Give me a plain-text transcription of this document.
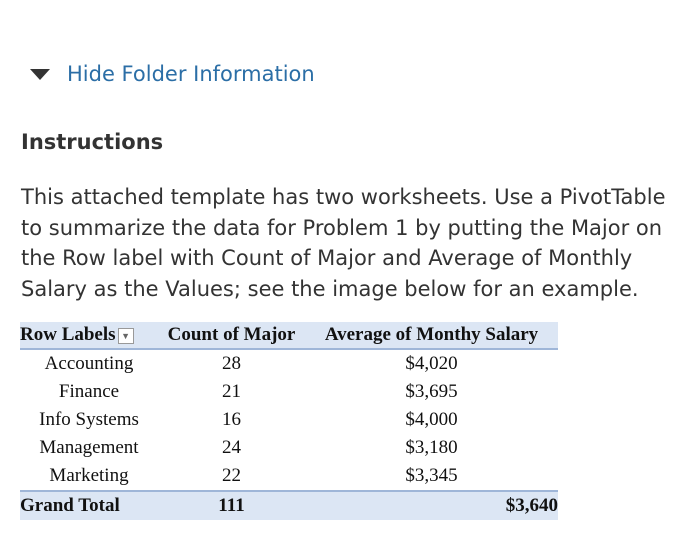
Hide Folder Information
Instructions
This attached template has two worksheets. Use a PivotTable to summarize the data for Problem 1 by putting the Major on the Row label with Count of Major and Average of Monthly Salary as the Values; see the image below for an example.
Row Labels ▼	Count of Major	Average of Monthy Salary
Accounting	28	$4,020
Finance	21	$3,695
Info Systems	16	$4,000
Management	24	$3,180
Marketing	22	$3,345
Grand Total	111	$3,640
